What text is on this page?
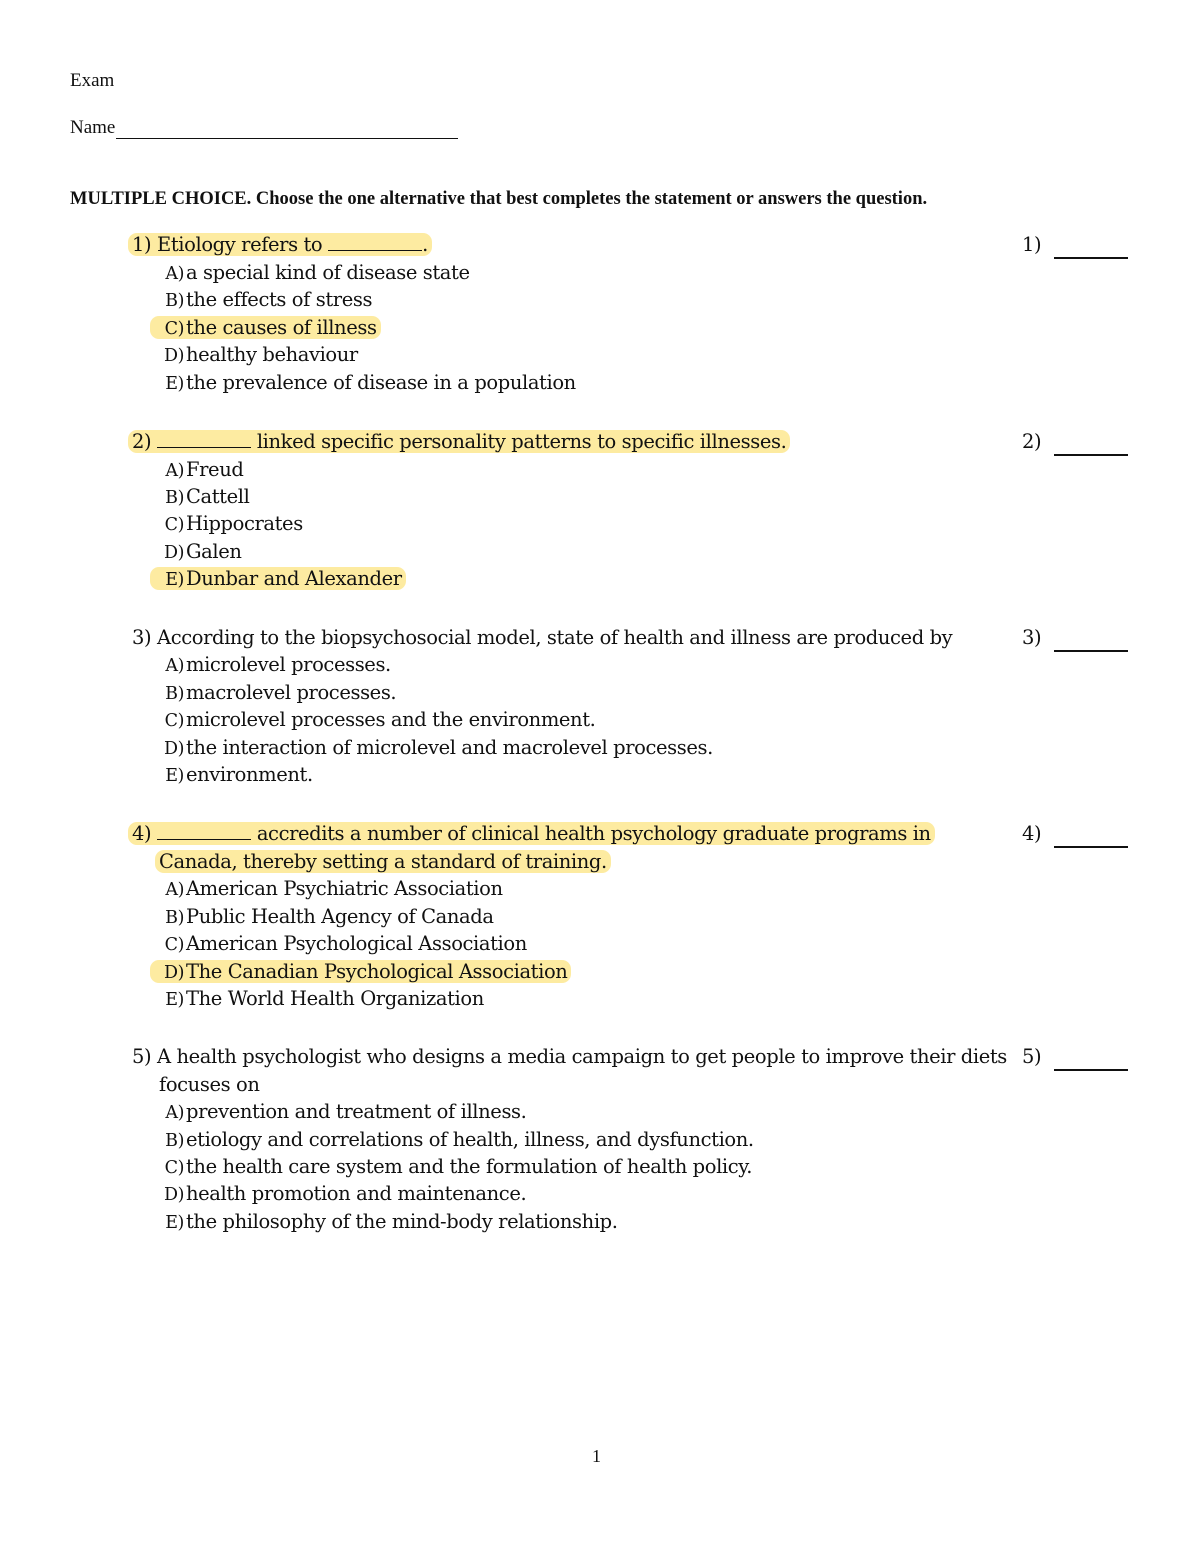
Exam
Name
MULTIPLE CHOICE. Choose the one alternative that best completes the statement or answers the question.
1) Etiology refers to	.	1)
A) a special kind of disease state
B) the effects of stress
C) the causes of illness
D) healthy behaviour
E) the prevalence of disease in a population
2)	linked specific personality patterns to specific illnesses.	2)
A) Freud
B) Cattell
C) Hippocrates
D) Galen
E) Dunbar and Alexander
3) According to the biopsychosocial model, state of health and illness are produced by	3)
A) microlevel processes.
B) macrolevel processes.
C) microlevel processes and the environment.
D) the interaction of microlevel and macrolevel processes.
E) environment.
4)	accredits a number of clinical health psychology graduate programs in
Canada, thereby setting a standard of training.
4)
A) American Psychiatric Association
B) Public Health Agency of Canada
C) American Psychological Association
D) The Canadian Psychological Association
E) The World Health Organization
5) A health psychologist who designs a media campaign to get people to improve their diets
focuses on
5)
A) prevention and treatment of illness.
B) etiology and correlations of health, illness, and dysfunction.
C) the health care system and the formulation of health policy.
D) health promotion and maintenance.
E) the philosophy of the mind-body relationship.
1
